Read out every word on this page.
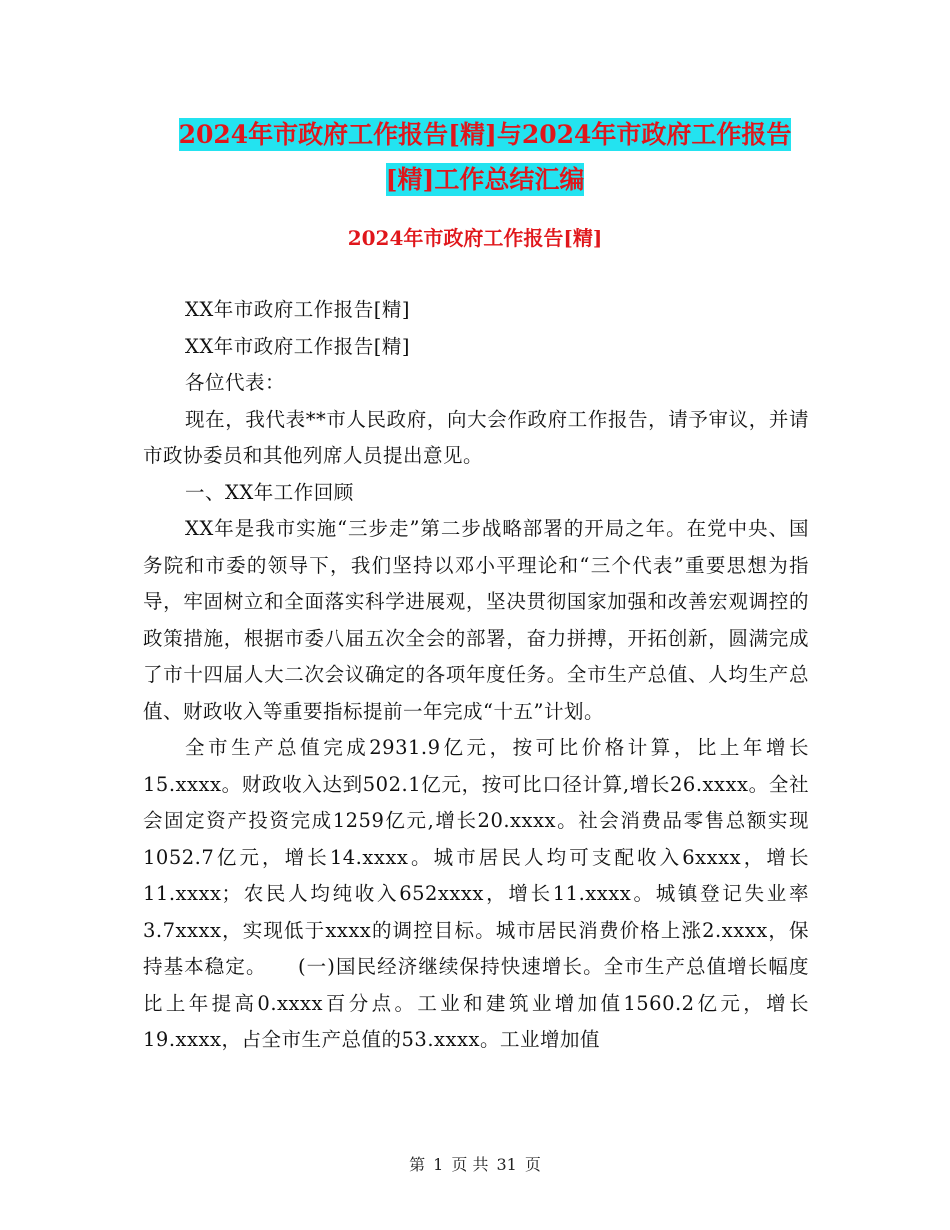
2024年市政府工作报告[精]与2024年市政府工作报告
[精]工作总结汇编
2024年市政府工作报告[精]

XX年市政府工作报告[精]

XX年市政府工作报告[精]

各位代表：

现在，我代表**市人民政府，向大会作政府工作报告，请予审议，并请市政协委员和其他列席人员提出意见。

一、XX年工作回顾

XX年是我市实施“三步走”第二步战略部署的开局之年。在党中央、国务院和市委的领导下，我们坚持以邓小平理论和“三个代表”重要思想为指导，牢固树立和全面落实科学进展观，坚决贯彻国家加强和改善宏观调控的政策措施，根据市委八届五次全会的部署，奋力拼搏，开拓创新，圆满完成了市十四届人大二次会议确定的各项年度任务。全市生产总值、人均生产总值、财政收入等重要指标提前一年完成“十五”计划。

全市生产总值完成2931.9亿元，按可比价格计算，比上年增长15.xxxx。财政收入达到502.1亿元，按可比口径计算,增长26.xxxx。全社会固定资产投资完成1259亿元,增长20.xxxx。社会消费品零售总额实现1052.7亿元，增长14.xxxx。城市居民人均可支配收入6xxxx，增长11.xxxx；农民人均纯收入652xxxx，增长11.xxxx。城镇登记失业率3.7xxxx，实现低于xxxx的调控目标。城市居民消费价格上涨2.xxxx，保持基本稳定。　　(一)国民经济继续保持快速增长。全市生产总值增长幅度比上年提高0.xxxx百分点。工业和建筑业增加值1560.2亿元，增长19.xxxx，占全市生产总值的53.xxxx。工业增加值

第 1 页 共 31 页
